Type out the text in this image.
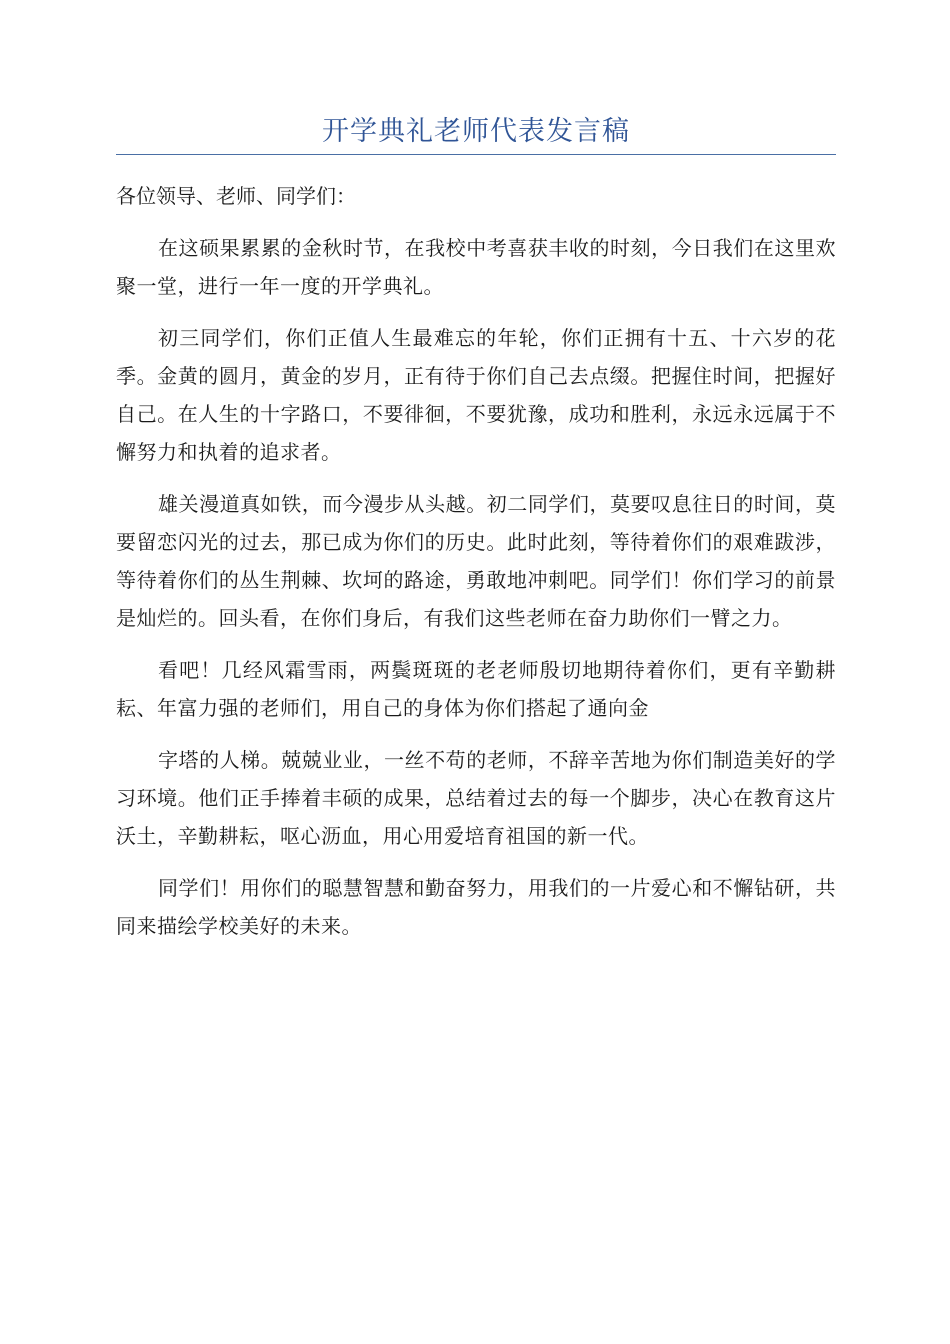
开学典礼老师代表发言稿

各位领导、老师、同学们：

在这硕果累累的金秋时节，在我校中考喜获丰收的时刻，今日我们在这里欢聚一堂，进行一年一度的开学典礼。

初三同学们，你们正值人生最难忘的年轮，你们正拥有十五、十六岁的花季。金黄的圆月，黄金的岁月，正有待于你们自己去点缀。把握住时间，把握好自己。在人生的十字路口，不要徘徊，不要犹豫，成功和胜利，永远永远属于不懈努力和执着的追求者。

雄关漫道真如铁，而今漫步从头越。初二同学们，莫要叹息往日的时间，莫要留恋闪光的过去，那已成为你们的历史。此时此刻，等待着你们的艰难跋涉，等待着你们的丛生荆棘、坎坷的路途，勇敢地冲刺吧。同学们！你们学习的前景是灿烂的。回头看，在你们身后，有我们这些老师在奋力助你们一臂之力。

看吧！几经风霜雪雨，两鬓斑斑的老老师殷切地期待着你们，更有辛勤耕耘、年富力强的老师们，用自己的身体为你们搭起了通向金

字塔的人梯。兢兢业业，一丝不苟的老师，不辞辛苦地为你们制造美好的学习环境。他们正手捧着丰硕的成果，总结着过去的每一个脚步，决心在教育这片沃土，辛勤耕耘，呕心沥血，用心用爱培育祖国的新一代。

同学们！用你们的聪慧智慧和勤奋努力，用我们的一片爱心和不懈钻研，共同来描绘学校美好的未来。
